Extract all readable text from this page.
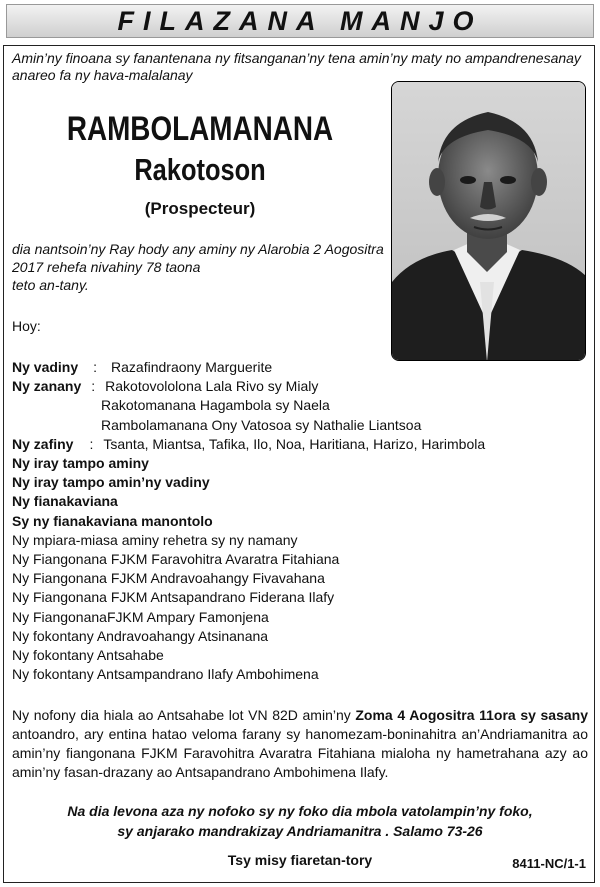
FILAZANA MANJO
Amin’ny finoana sy fanantenana ny fitsanganan’ny tena amin’ny maty no ampandrenesanay anareo fa ny hava-malalanay
RAMBOLAMANANA
Rakotoson
(Prospecteur)
dia nantsoin’ny Ray hody any aminy ny Alarobia 2 Aogositra
2017 rehefa nivahiny 78 taona
teto an-tany.
Hoy:
Ny vadiny : Razafindraony Marguerite
Ny zanany : Rakotovololona Lala Rivo sy Mialy
Rakotomanana Hagambola sy Naela
Rambolamanana Ony Vatosoa sy Nathalie Liantsoa
Ny zafiny : Tsanta, Miantsa, Tafika, Ilo, Noa, Haritiana, Harizo, Harimbola
Ny iray tampo aminy
Ny iray tampo amin’ny vadiny
Ny fianakaviana
Sy ny fianakaviana manontolo
Ny mpiara-miasa aminy rehetra sy ny namany
Ny Fiangonana FJKM Faravohitra Avaratra Fitahiana
Ny Fiangonana FJKM Andravoahangy Fivavahana
Ny Fiangonana FJKM Antsapandrano Fiderana Ilafy
Ny FiangonanaFJKM Ampary Famonjena
Ny fokontany Andravoahangy Atsinanana
Ny fokontany Antsahabe
Ny fokontany Antsampandrano Ilafy Ambohimena
Ny nofony dia hiala ao Antsahabe lot VN 82D amin’ny Zoma 4 Aogositra 11ora sy sasany antoandro, ary entina hatao veloma farany sy hanomezam-boninahitra an’Andriamanitra ao amin’ny fiangonana FJKM Faravohitra Avaratra Fitahiana mialoha ny hametrahana azy ao amin’ny fasan-drazany ao Antsapandrano Ambohimena Ilafy.
Na dia levona aza ny nofoko sy ny foko dia mbola vatolampin’ny foko,
sy anjarako mandrakizay Andriamanitra . Salamo 73-26
Tsy misy fiaretan-tory	8411-NC/1-1
